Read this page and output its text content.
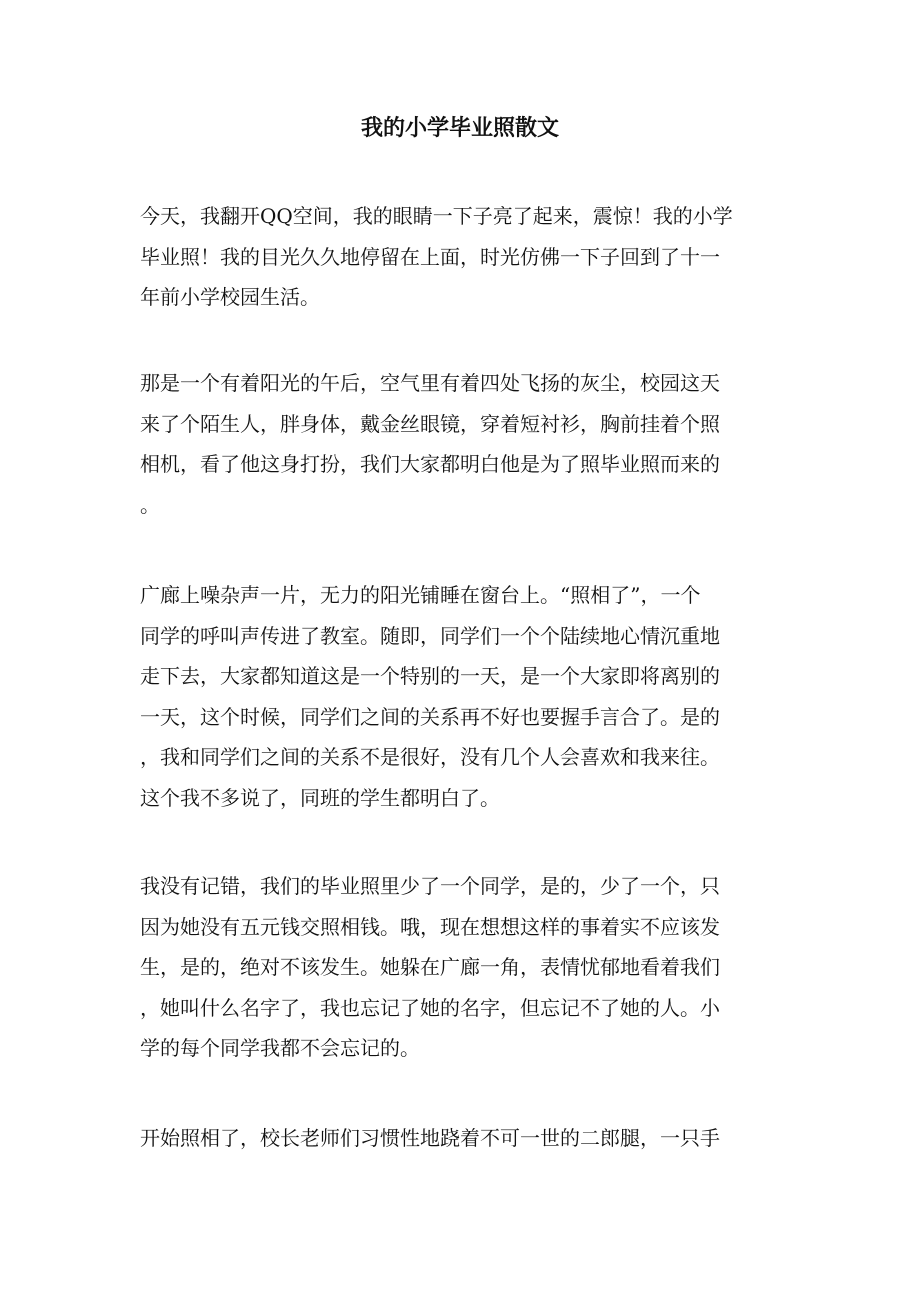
我的小学毕业照散文
今天，我翻开QQ空间，我的眼睛一下子亮了起来，震惊！我的小学
毕业照！我的目光久久地停留在上面，时光仿佛一下子回到了十一
年前小学校园生活。
那是一个有着阳光的午后，空气里有着四处飞扬的灰尘，校园这天
来了个陌生人，胖身体，戴金丝眼镜，穿着短衬衫，胸前挂着个照
相机，看了他这身打扮，我们大家都明白他是为了照毕业照而来的
。
广廊上噪杂声一片，无力的阳光铺睡在窗台上。“照相了”，一个
同学的呼叫声传进了教室。随即，同学们一个个陆续地心情沉重地
走下去，大家都知道这是一个特别的一天，是一个大家即将离别的
一天，这个时候，同学们之间的关系再不好也要握手言合了。是的
，我和同学们之间的关系不是很好，没有几个人会喜欢和我来往。
这个我不多说了，同班的学生都明白了。
我没有记错，我们的毕业照里少了一个同学，是的，少了一个，只
因为她没有五元钱交照相钱。哦，现在想想这样的事着实不应该发
生，是的，绝对不该发生。她躲在广廊一角，表情忧郁地看着我们
，她叫什么名字了，我也忘记了她的名字，但忘记不了她的人。小
学的每个同学我都不会忘记的。
开始照相了，校长老师们习惯性地跷着不可一世的二郎腿，一只手
